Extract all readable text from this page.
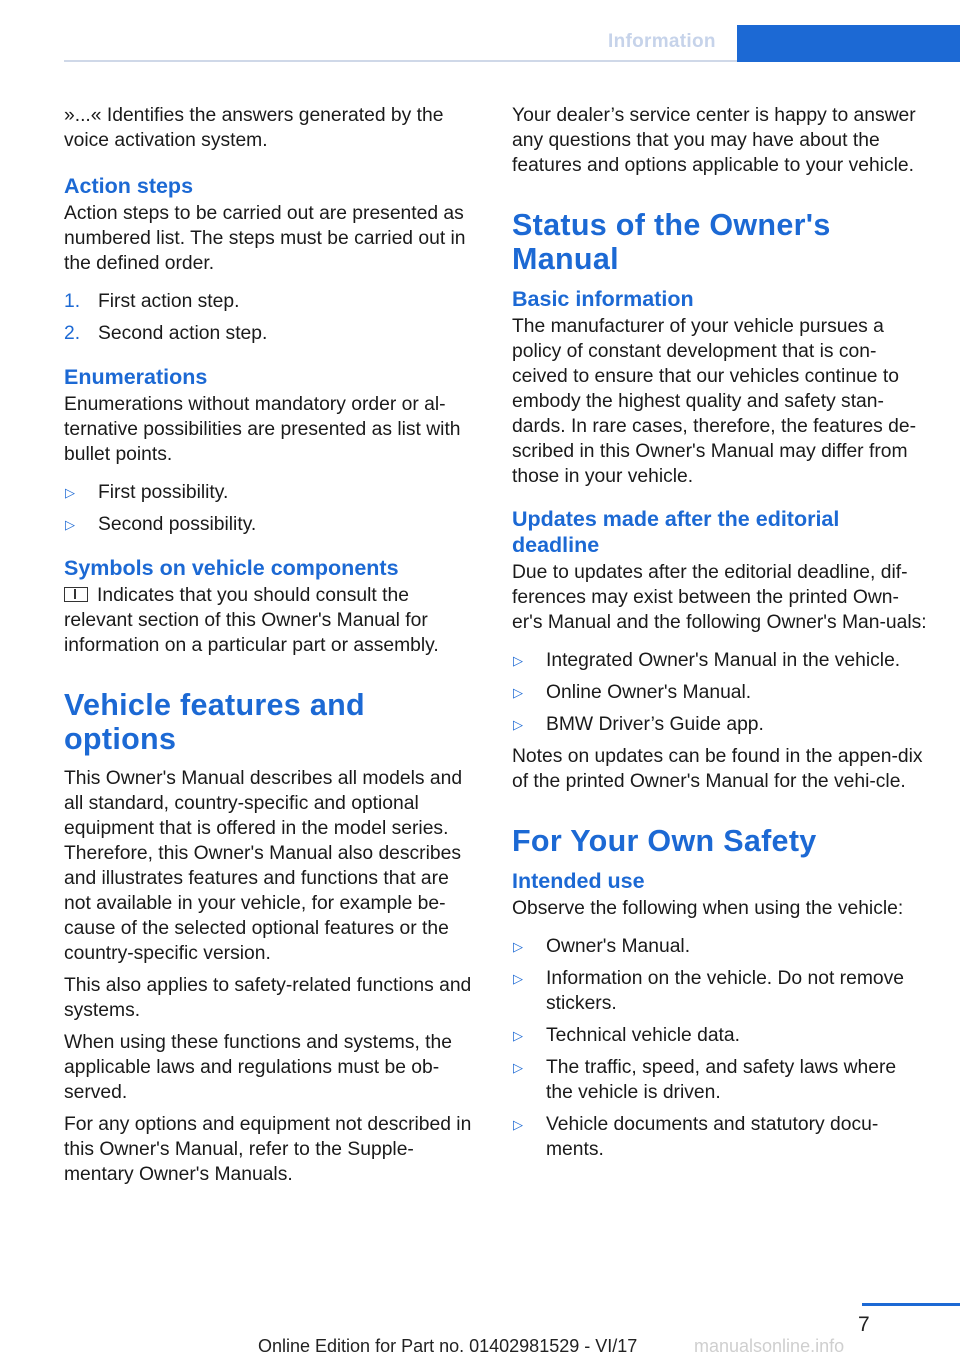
Information

»...« Identifies the answers generated by the voice activation system.

Action steps

Action steps to be carried out are presented as numbered list. The steps must be carried out in the defined order.

1. First action step.
2. Second action step.
Enumerations

Enumerations without mandatory order or al‐ternative possibilities are presented as list with bullet points.

▷ First possibility.
▷ Second possibility.
Symbols on vehicle components

Indicates that you should consult the relevant section of this Owner's Manual for information on a particular part or assembly.

Vehicle features and options

This Owner's Manual describes all models and all standard, country-specific and optional equipment that is offered in the model series. Therefore, this Owner's Manual also describes and illustrates features and functions that are not available in your vehicle, for example be‐cause of the selected optional features or the country-specific version.

This also applies to safety-related functions and systems.

When using these functions and systems, the applicable laws and regulations must be ob‐served.

For any options and equipment not described in this Owner's Manual, refer to the Supple‐mentary Owner's Manuals.

Your dealer’s service center is happy to answer any questions that you may have about the features and options applicable to your vehicle.

Status of the Owner's Manual
Basic information

The manufacturer of your vehicle pursues a policy of constant development that is con‐ceived to ensure that our vehicles continue to embody the highest quality and safety stan‐dards. In rare cases, therefore, the features de‐scribed in this Owner's Manual may differ from those in your vehicle.

Updates made after the editorial deadline

Due to updates after the editorial deadline, dif‐ferences may exist between the printed Own‐er's Manual and the following Owner's Man‐uals:

▷ Integrated Owner's Manual in the vehicle.
▷ Online Owner's Manual.
▷ BMW Driver’s Guide app.

Notes on updates can be found in the appen‐dix of the printed Owner's Manual for the vehi‐cle.

For Your Own Safety
Intended use

Observe the following when using the vehicle:

▷ Owner's Manual.
▷ Information on the vehicle. Do not remove stickers.
▷ Technical vehicle data.
▷ The traffic, speed, and safety laws where the vehicle is driven.
▷ Vehicle documents and statutory docu‐ments.
7
Online Edition for Part no. 01402981529 - VI/17	manualsonline.info
